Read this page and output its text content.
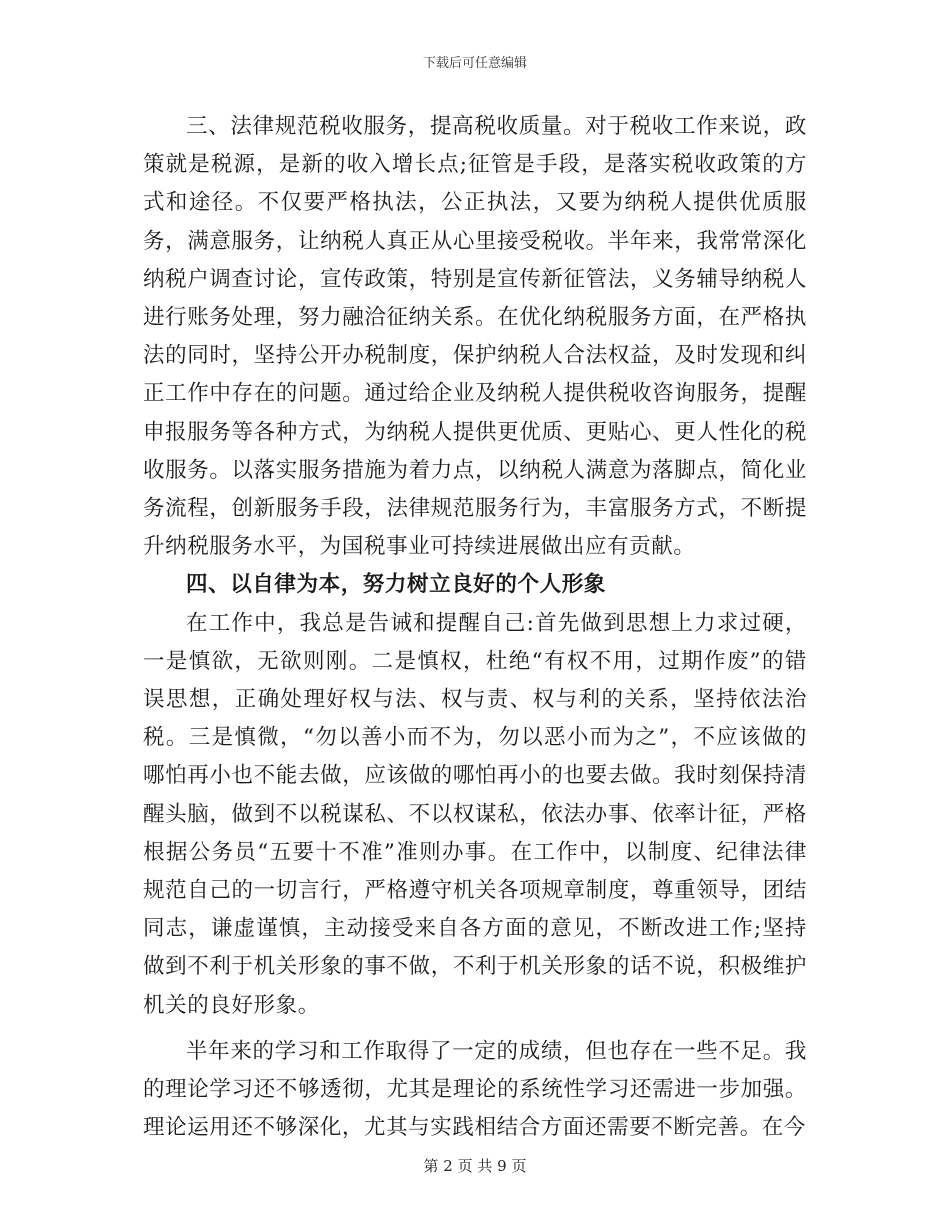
下载后可任意编辑

三、法律规范税收服务，提高税收质量。对于税收工作来说，政策就是税源，是新的收入增长点;征管是手段，是落实税收政策的方式和途径。不仅要严格执法，公正执法，又要为纳税人提供优质服务，满意服务，让纳税人真正从心里接受税收。半年来，我常常深化纳税户调查讨论，宣传政策，特别是宣传新征管法，义务辅导纳税人进行账务处理，努力融洽征纳关系。在优化纳税服务方面，在严格执法的同时，坚持公开办税制度，保护纳税人合法权益，及时发现和纠正工作中存在的问题。通过给企业及纳税人提供税收咨询服务，提醒申报服务等各种方式，为纳税人提供更优质、更贴心、更人性化的税收服务。以落实服务措施为着力点，以纳税人满意为落脚点，简化业务流程，创新服务手段，法律规范服务行为，丰富服务方式，不断提升纳税服务水平，为国税事业可持续进展做出应有贡献。

四、以自律为本，努力树立良好的个人形象

在工作中，我总是告诫和提醒自己:首先做到思想上力求过硬，一是慎欲，无欲则刚。二是慎权，杜绝“有权不用，过期作废”的错误思想，正确处理好权与法、权与责、权与利的关系，坚持依法治税。三是慎微，“勿以善小而不为，勿以恶小而为之”，不应该做的哪怕再小也不能去做，应该做的哪怕再小的也要去做。我时刻保持清醒头脑，做到不以税谋私、不以权谋私，依法办事、依率计征，严格根据公务员“五要十不准”准则办事。在工作中，以制度、纪律法律规范自己的一切言行，严格遵守机关各项规章制度，尊重领导，团结同志，谦虚谨慎，主动接受来自各方面的意见，不断改进工作;坚持做到不利于机关形象的事不做，不利于机关形象的话不说，积极维护机关的良好形象。

半年来的学习和工作取得了一定的成绩，但也存在一些不足。我的理论学习还不够透彻，尤其是理论的系统性学习还需进一步加强。理论运用还不够深化，尤其与实践相结合方面还需要不断完善。在今

第 2 页 共 9 页
